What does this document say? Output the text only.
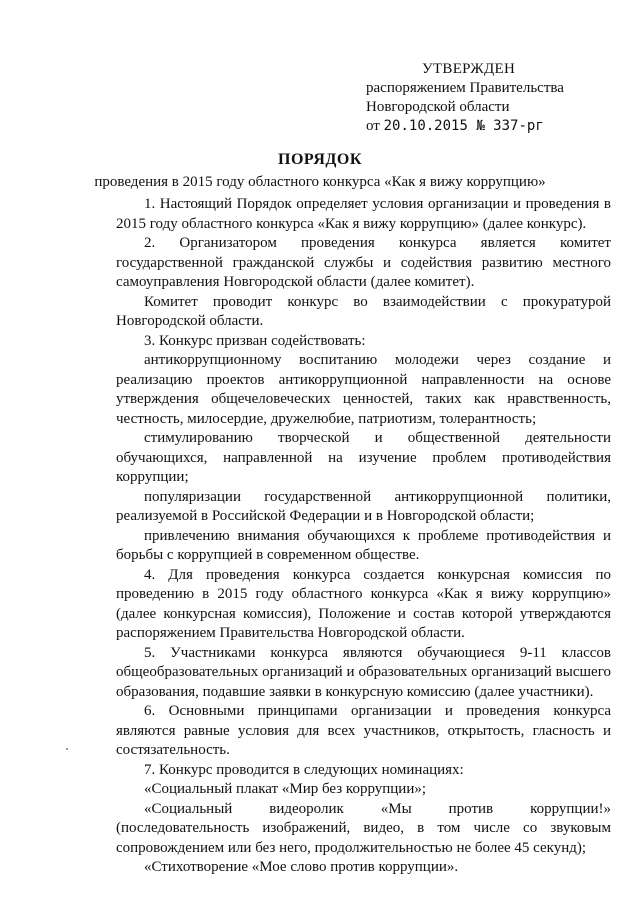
УТВЕРЖДЕН
распоряжением Правительства
Новгородской области
от 20.10.2015 № 337-рг
ПОРЯДОК
проведения в 2015 году областного конкурса «Как я вижу коррупцию»

1. Настоящий Порядок определяет условия организации и проведения в 2015 году областного конкурса «Как я вижу коррупцию» (далее конкурс).

2. Организатором проведения конкурса является комитет государственной гражданской службы и содействия развитию местного самоуправления Новгородской области (далее комитет).

Комитет проводит конкурс во взаимодействии с прокуратурой Новгородской области.

3. Конкурс призван содействовать:

антикоррупционному воспитанию молодежи через создание и реализацию проектов антикоррупционной направленности на основе утверждения общечеловеческих ценностей, таких как нравственность, честность, милосердие, дружелюбие, патриотизм, толерантность;

стимулированию творческой и общественной деятельности обучающихся, направленной на изучение проблем противодействия коррупции;

популяризации государственной антикоррупционной политики, реализуемой в Российской Федерации и в Новгородской области;

привлечению внимания обучающихся к проблеме противодействия и борьбы с коррупцией в современном обществе.

4. Для проведения конкурса создается конкурсная комиссия по проведению в 2015 году областного конкурса «Как я вижу коррупцию» (далее конкурсная комиссия), Положение и состав которой утверждаются распоряжением Правительства Новгородской области.

5. Участниками конкурса являются обучающиеся 9-11 классов общеобразовательных организаций и образовательных организаций высшего образования, подавшие заявки в конкурсную комиссию (далее участники).

6. Основными принципами организации и проведения конкурса являются равные условия для всех участников, открытость, гласность и состязательность.

7. Конкурс проводится в следующих номинациях:

«Социальный плакат «Мир без коррупции»;

«Социальный видеоролик «Мы против коррупции!» (последовательность изображений, видео, в том числе со звуковым сопровождением или без него, продолжительностью не более 45 секунд);

«Стихотворение «Мое слово против коррупции».
